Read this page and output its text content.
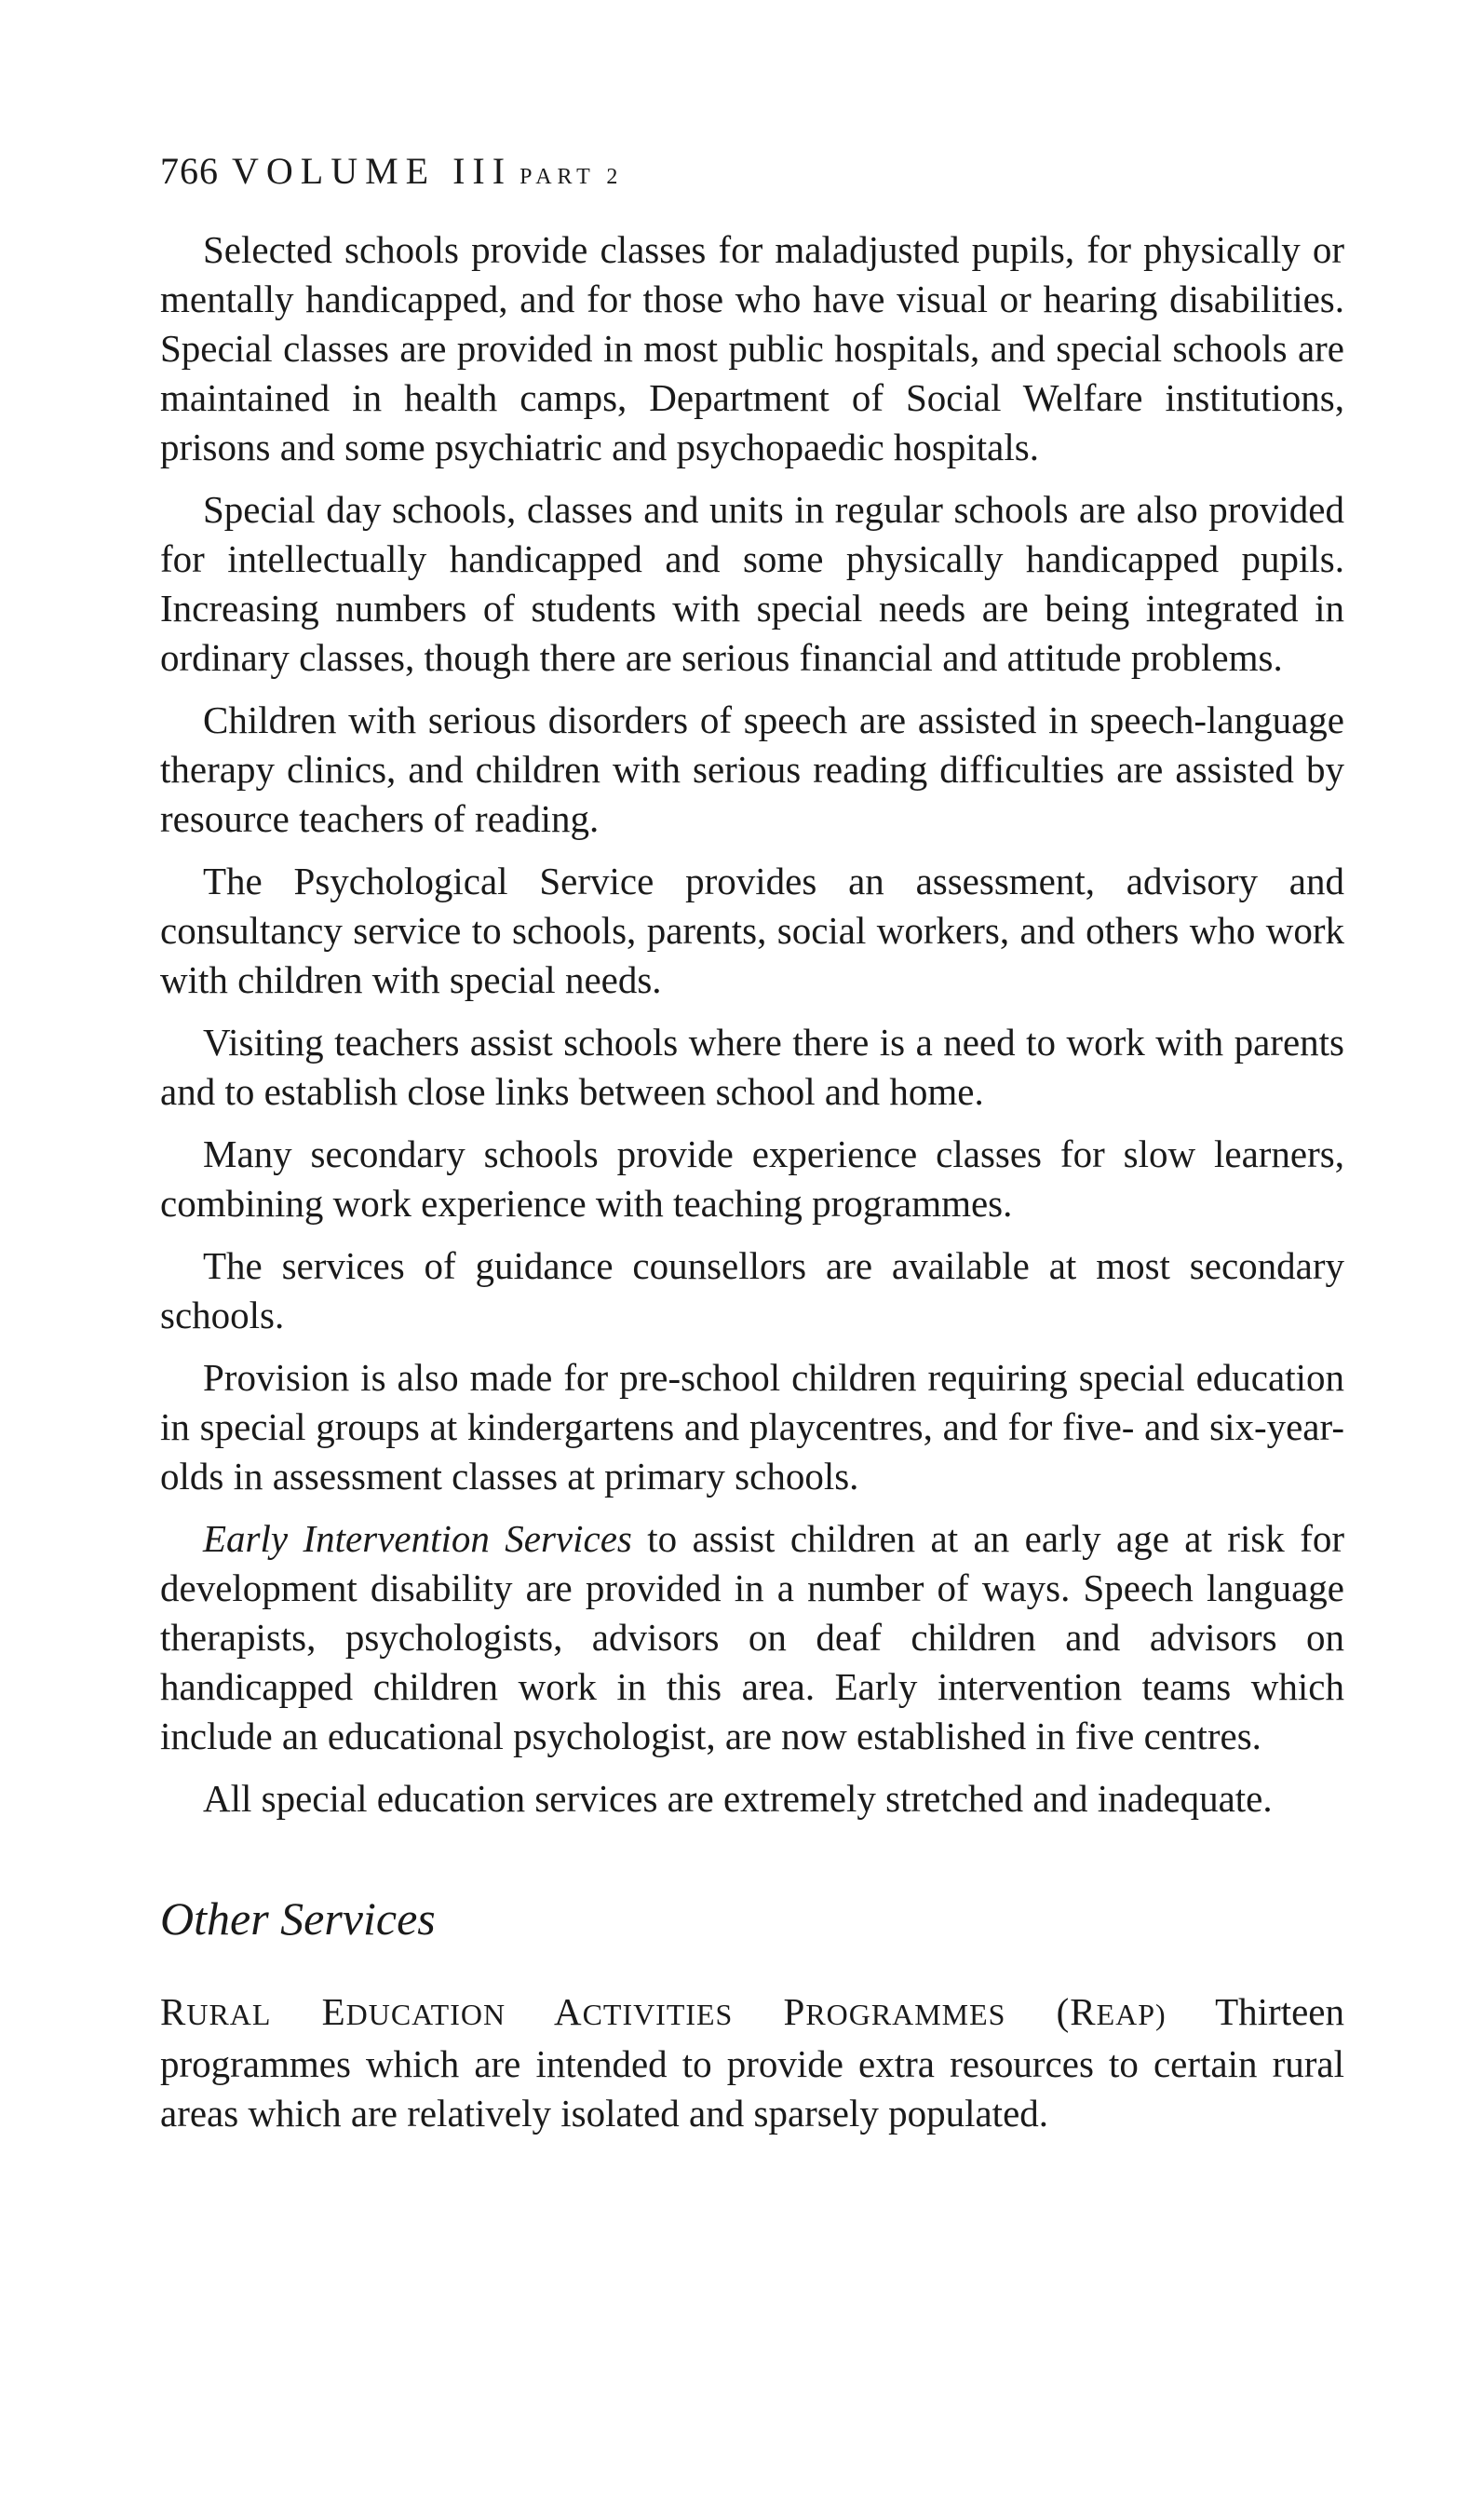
766 VOLUME III PART 2

Selected schools provide classes for maladjusted pupils, for physically or mentally handicapped, and for those who have visual or hearing disabilities. Special classes are provided in most public hospitals, and special schools are maintained in health camps, Department of Social Welfare institutions, prisons and some psychiatric and psychopaedic hospitals.

Special day schools, classes and units in regular schools are also provided for intellectually handicapped and some physically handicapped pupils. Increasing numbers of students with special needs are being integrated in ordinary classes, though there are serious financial and attitude problems.

Children with serious disorders of speech are assisted in speech-language therapy clinics, and children with serious reading difficulties are assisted by resource teachers of reading.

The Psychological Service provides an assessment, advisory and consultancy service to schools, parents, social workers, and others who work with children with special needs.

Visiting teachers assist schools where there is a need to work with parents and to establish close links between school and home.

Many secondary schools provide experience classes for slow learners, combining work experience with teaching programmes.

The services of guidance counsellors are available at most secondary schools.

Provision is also made for pre-school children requiring special education in special groups at kindergartens and playcentres, and for five- and six-year-olds in assessment classes at primary schools.

Early Intervention Services to assist children at an early age at risk for development disability are provided in a number of ways. Speech language therapists, psychologists, advisors on deaf children and advisors on handicapped children work in this area. Early intervention teams which include an educational psychologist, are now established in five centres.

All special education services are extremely stretched and inadequate.

Other Services

RURAL EDUCATION ACTIVITIES PROGRAMMES (REAP) Thirteen programmes which are intended to provide extra resources to certain rural areas which are relatively isolated and sparsely populated.
